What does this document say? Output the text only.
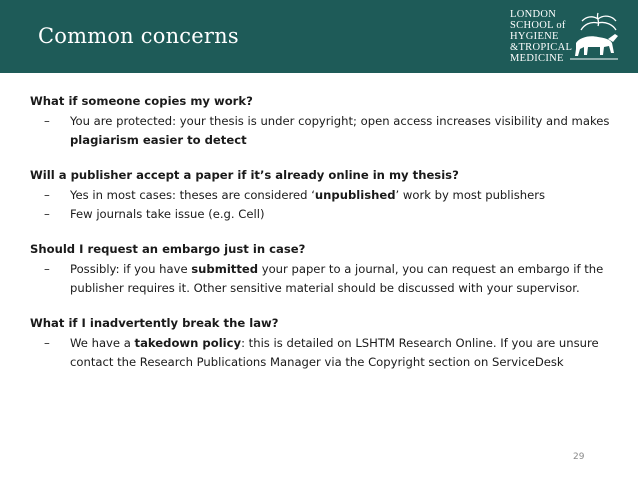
Common concerns
LONDON
SCHOOL of
HYGIENE
&TROPICAL
MEDICINE

What if someone copies my work?

– You are protected: your thesis is under copyright; open access increases visibility and makes plagiarism easier to detect

Will a publisher accept a paper if it’s already online in my thesis?

– Yes in most cases: theses are considered ‘unpublished’ work by most publishers
– Few journals take issue (e.g. Cell)

Should I request an embargo just in case?

– Possibly: if you have submitted your paper to a journal, you can request an embargo if the publisher requires it. Other sensitive material should be discussed with your supervisor.

What if I inadvertently break the law?

– We have a takedown policy: this is detailed on LSHTM Research Online. If you are unsure contact the Research Publications Manager via the Copyright section on ServiceDesk
29
